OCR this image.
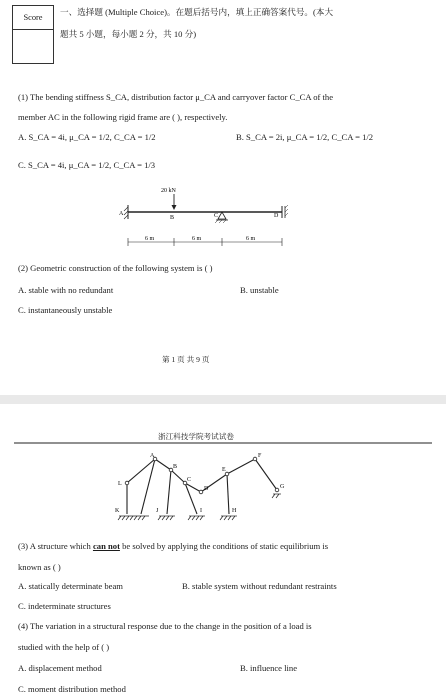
Score
一、选择题 (Multiple Choice)。在题后括号内，填上正确答案代号。(本大
题共 5 小题，每小题 2 分，共 10 分)
(1) The bending stiffness S_CA, distribution factor μ_CA and carryover factor C_CA of the
member AC in the following rigid frame are ( ), respectively.
A. S_CA = 4i, μ_CA = 1/2, C_CA = 1/2	B. S_CA = 2i, μ_CA = 1/2, C_CA = 1/2
C. S_CA = 4i, μ_CA = 1/2, C_CA = 1/3
20 kN
A
B	C	D
6 m	6 m	6 m
(2) Geometric construction of the following system is ( )
A. stable with no redundant	B. unstable
C. instantaneously unstable
第 1 页 共 9 页
浙江科技学院考试试卷
A
B
C
D
E
F
G
H
I
J
K
L
(3) A structure which can not be solved by applying the conditions of static equilibrium is
known as ( )
A. statically determinate beam	B. stable system without redundant restraints
C. indeterminate structures
(4) The variation in a structural response due to the change in the position of a load is
studied with the help of ( )
A. displacement method	B. influence line
C. moment distribution method
